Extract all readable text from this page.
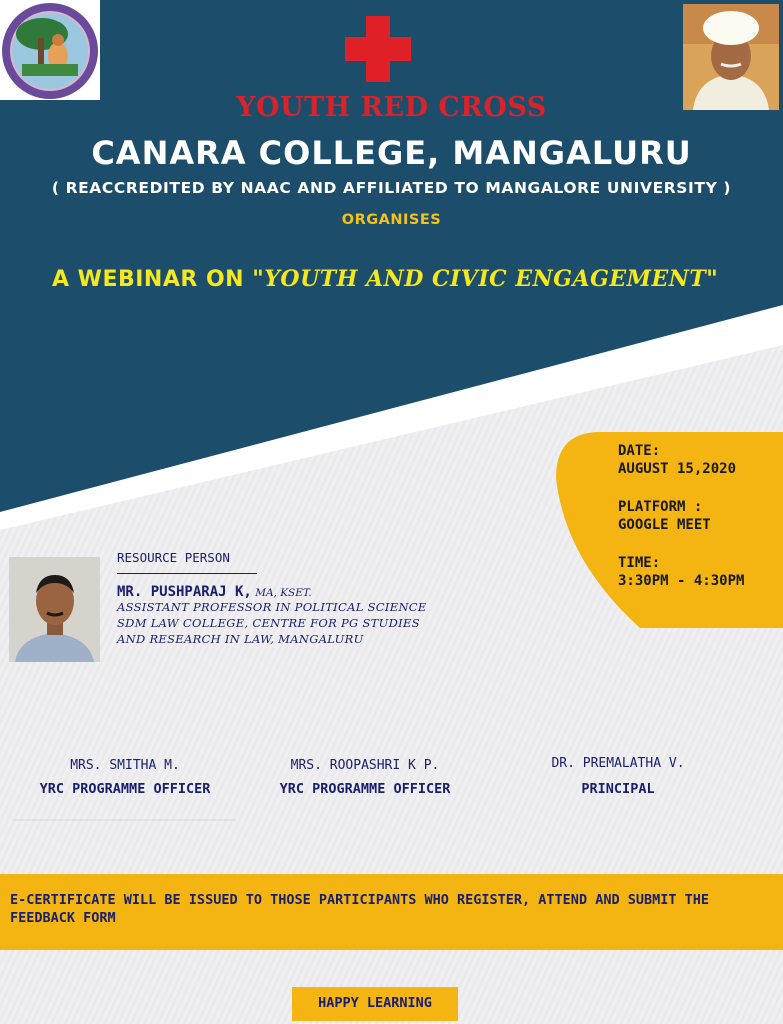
YOUTH RED CROSS
CANARA COLLEGE, MANGALURU
( REACCREDITED BY NAAC AND AFFILIATED TO MANGALORE UNIVERSITY )
ORGANISES
A WEBINAR ON "YOUTH AND CIVIC ENGAGEMENT"
DATE:
AUGUST 15,2020
PLATFORM :
GOOGLE MEET
TIME:
3:30PM - 4:30PM
RESOURCE PERSON
MR. PUSHPARAJ K, MA, KSET.
ASSISTANT PROFESSOR IN POLITICAL SCIENCE
SDM LAW COLLEGE, CENTRE FOR PG STUDIES
AND RESEARCH IN LAW, MANGALURU
MRS. SMITHA M.
YRC PROGRAMME OFFICER
MRS. ROOPASHRI K P.
YRC PROGRAMME OFFICER
DR. PREMALATHA V.
PRINCIPAL
E-CERTIFICATE WILL BE ISSUED TO THOSE PARTICIPANTS WHO REGISTER, ATTEND AND SUBMIT THE FEEDBACK FORM
HAPPY LEARNING
